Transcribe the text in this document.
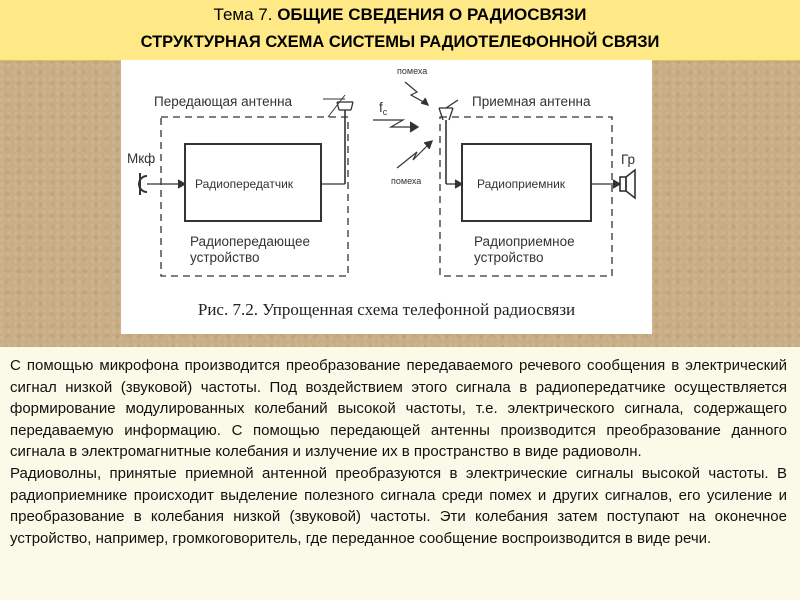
Тема 7. ОБЩИЕ СВЕДЕНИЯ О РАДИОСВЯЗИ
СТРУКТУРНАЯ СХЕМА СИСТЕМЫ РАДИОТЕЛЕФОННОЙ СВЯЗИ
Передающая антенна	Приемная антенна
$f_c$
помеха
помеха
Мкф	Гр
Радиопередатчик	Радиоприемник
Радиопередающее
устройство
Радиоприемное
устройство
Рис. 7.2. Упрощенная схема телефонной радиосвязи

С помощью микрофона производится преобразование передаваемого речевого сообщения в электрический сигнал низкой (звуковой) частоты. Под воздействием этого сигнала в радиопередатчике осуществляется формирование модулированных колебаний высокой частоты, т.е. электрического сигнала, содержащего передаваемую информацию. С помощью передающей антенны производится преобразование данного сигнала в электромагнитные колебания и излучение их в пространство в виде радиоволн.

Радиоволны, принятые приемной антенной преобразуются в электрические сигналы высокой частоты. В радиоприемнике происходит выделение полезного сигнала среди помех и других сигналов, его усиление и преобразование в колебания низкой (звуковой) частоты. Эти колебания затем поступают на оконечное устройство, например, громкоговоритель, где переданное сообщение воспроизводится в виде речи.
